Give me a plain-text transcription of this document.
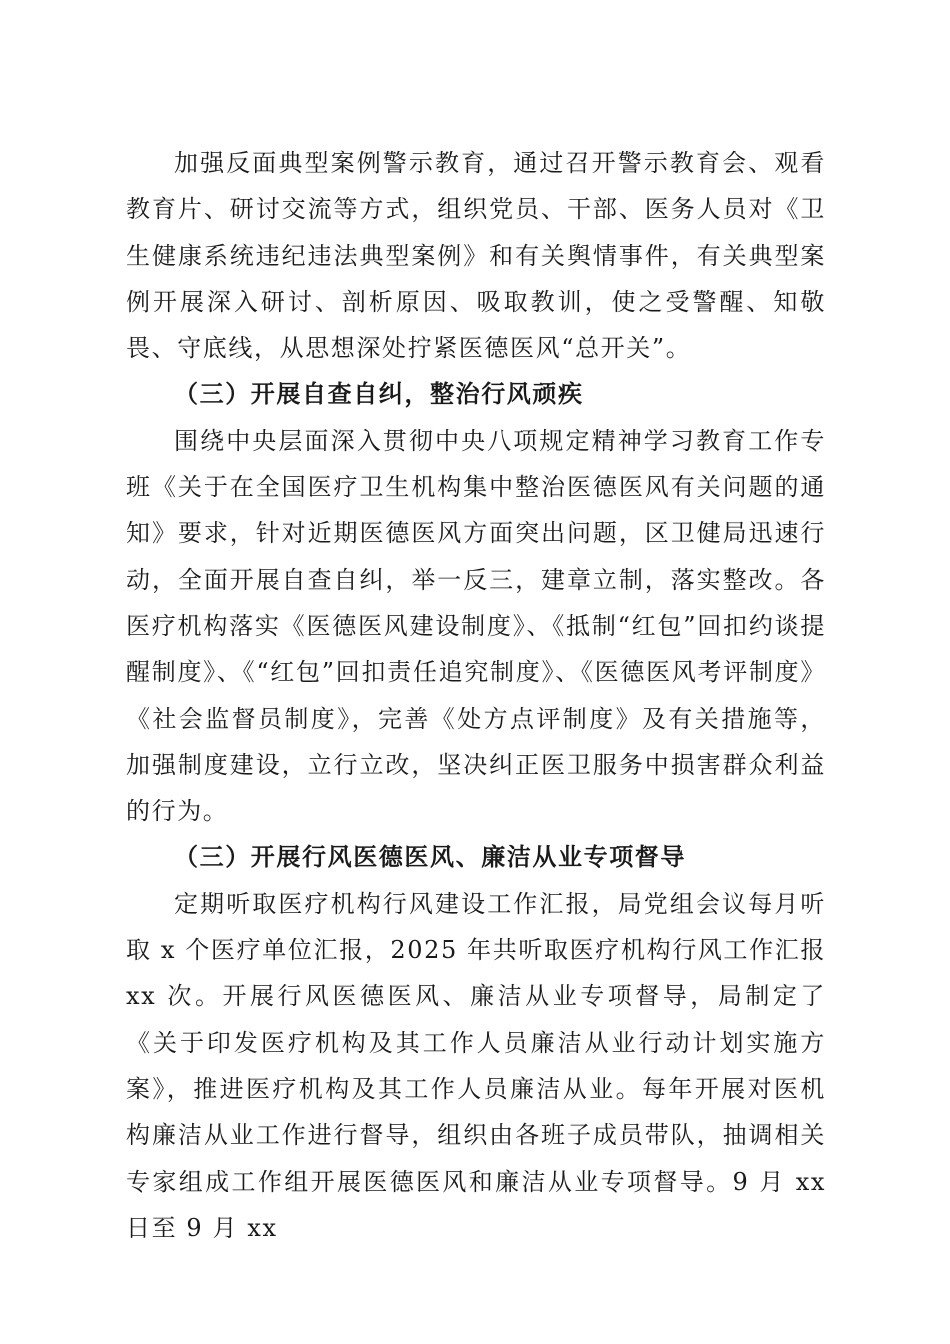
加强反面典型案例警示教育，通过召开警示教育会、观看教育片、研讨交流等方式，组织党员、干部、医务人员对《卫生健康系统违纪违法典型案例》和有关舆情事件，有关典型案例开展深入研讨、剖析原因、吸取教训，使之受警醒、知敬畏、守底线，从思想深处拧紧医德医风“总开关”。

（三）开展自查自纠，整治行风顽疾

围绕中央层面深入贯彻中央八项规定精神学习教育工作专班《关于在全国医疗卫生机构集中整治医德医风有关问题的通知》要求，针对近期医德医风方面突出问题，区卫健局迅速行动，全面开展自查自纠，举一反三，建章立制，落实整改。各医疗机构落实《医德医风建设制度》、《抵制“红包”回扣约谈提醒制度》、《“红包”回扣责任追究制度》、《医德医风考评制度》《社会监督员制度》，完善《处方点评制度》及有关措施等，加强制度建设，立行立改，坚决纠正医卫服务中损害群众利益的行为。

（三）开展行风医德医风、廉洁从业专项督导

定期听取医疗机构行风建设工作汇报，局党组会议每月听取 x 个医疗单位汇报，2025 年共听取医疗机构行风工作汇报 xx 次。开展行风医德医风、廉洁从业专项督导，局制定了《关于印发医疗机构及其工作人员廉洁从业行动计划实施方案》，推进医疗机构及其工作人员廉洁从业。每年开展对医机构廉洁从业工作进行督导，组织由各班子成员带队，抽调相关专家组成工作组开展医德医风和廉洁从业专项督导。9 月 xx 日至 9 月 xx
